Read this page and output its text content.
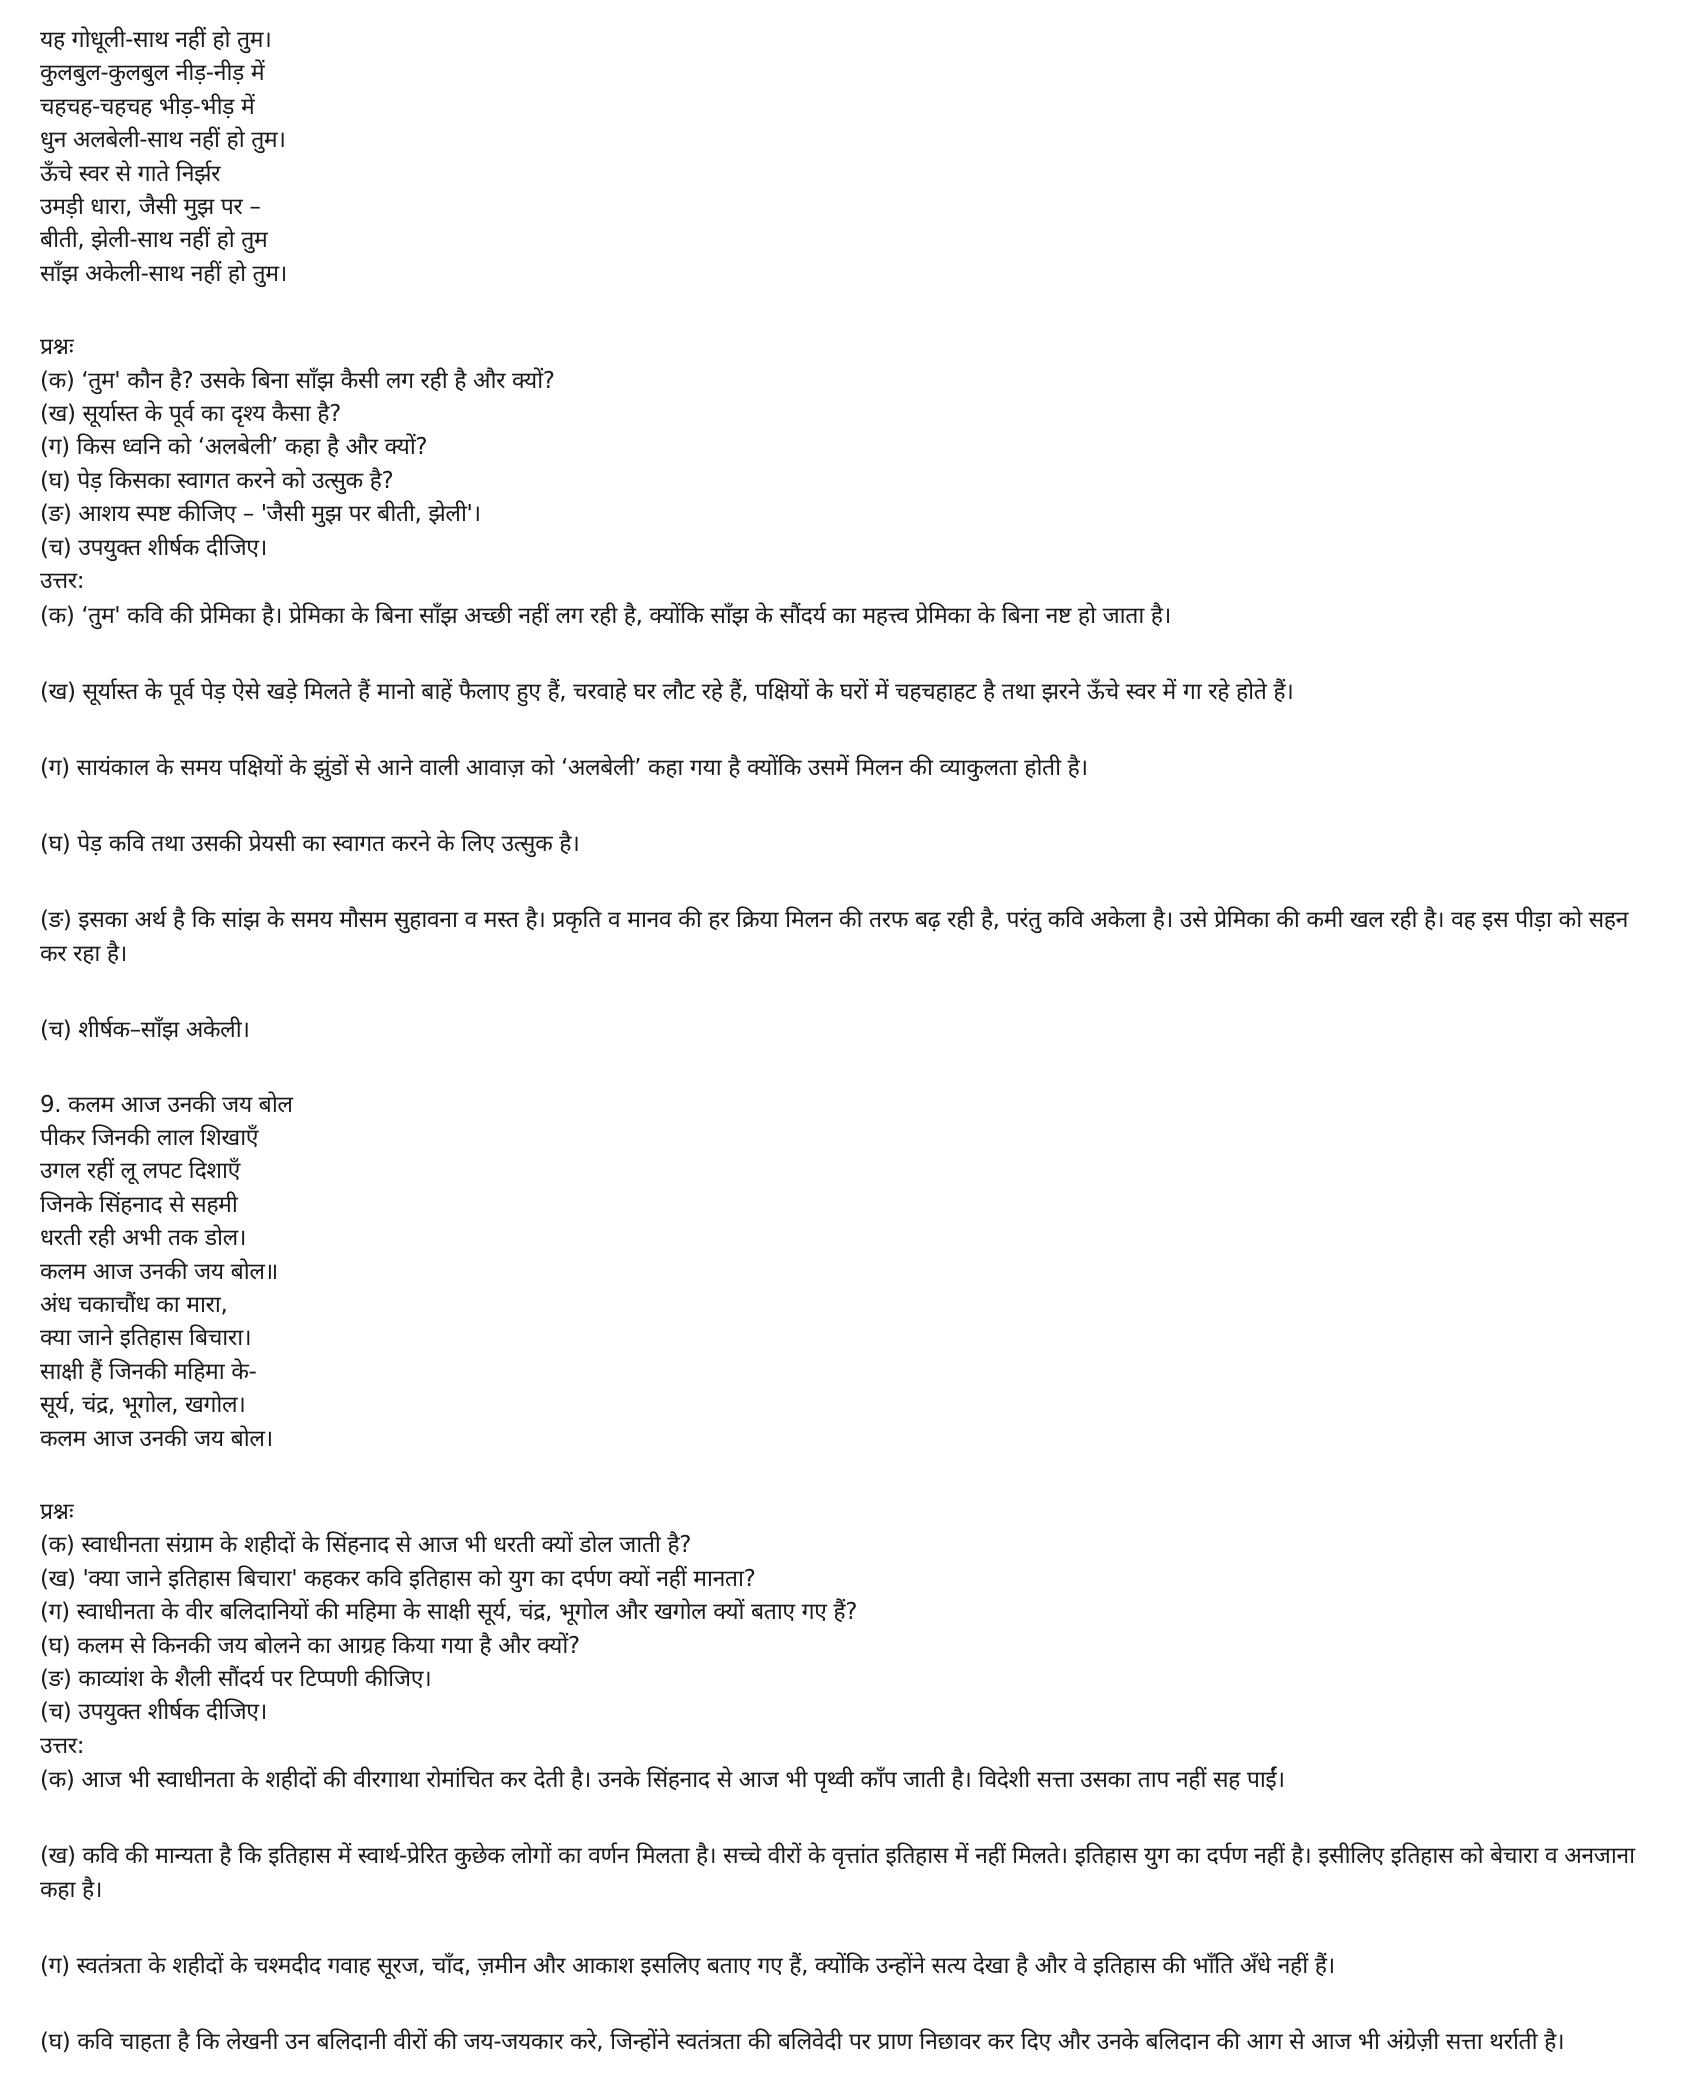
यह गोधूली-साथ नहीं हो तुम।
कुलबुल-कुलबुल नीड़-नीड़ में
चहचह-चहचह भीड़-भीड़ में
धुन अलबेली-साथ नहीं हो तुम।
ऊँचे स्वर से गाते निर्झर
उमड़ी धारा, जैसी मुझ पर –
बीती, झेली-साथ नहीं हो तुम
साँझ अकेली-साथ नहीं हो तुम।
प्रश्नः
(क) ‘तुम' कौन है? उसके बिना साँझ कैसी लग रही है और क्यों?
(ख) सूर्यास्त के पूर्व का दृश्य कैसा है?
(ग) किस ध्वनि को ‘अलबेली’ कहा है और क्यों?
(घ) पेड़ किसका स्वागत करने को उत्सुक है?
(ङ) आशय स्पष्ट कीजिए – 'जैसी मुझ पर बीती, झेली'।
(च) उपयुक्त शीर्षक दीजिए।
उत्तर:

(क) ‘तुम' कवि की प्रेमिका है। प्रेमिका के बिना साँझ अच्छी नहीं लग रही है, क्योंकि साँझ के सौंदर्य का महत्त्व प्रेमिका के बिना नष्ट हो जाता है।

(ख) सूर्यास्त के पूर्व पेड़ ऐसे खड़े मिलते हैं मानो बाहें फैलाए हुए हैं, चरवाहे घर लौट रहे हैं, पक्षियों के घरों में चहचहाहट है तथा झरने ऊँचे स्वर में गा रहे होते हैं।

(ग) सायंकाल के समय पक्षियों के झुंडों से आने वाली आवाज़ को ‘अलबेली’ कहा गया है क्योंकि उसमें मिलन की व्याकुलता होती है।

(घ) पेड़ कवि तथा उसकी प्रेयसी का स्वागत करने के लिए उत्सुक है।

(ङ) इसका अर्थ है कि सांझ के समय मौसम सुहावना व मस्त है। प्रकृति व मानव की हर क्रिया मिलन की तरफ बढ़ रही है, परंतु कवि अकेला है। उसे प्रेमिका की कमी खल रही है। वह इस पीड़ा को सहन कर रहा है।

(च) शीर्षक–साँझ अकेली।

9. कलम आज उनकी जय बोल
पीकर जिनकी लाल शिखाएँ
उगल रहीं लू लपट दिशाएँ
जिनके सिंहनाद से सहमी
धरती रही अभी तक डोल।
कलम आज उनकी जय बोल॥
अंध चकाचौंध का मारा,
क्या जाने इतिहास बिचारा।
साक्षी हैं जिनकी महिमा के-
सूर्य, चंद्र, भूगोल, खगोल।
कलम आज उनकी जय बोल।
प्रश्नः
(क) स्वाधीनता संग्राम के शहीदों के सिंहनाद से आज भी धरती क्यों डोल जाती है?
(ख) 'क्या जाने इतिहास बिचारा' कहकर कवि इतिहास को युग का दर्पण क्यों नहीं मानता?
(ग) स्वाधीनता के वीर बलिदानियों की महिमा के साक्षी सूर्य, चंद्र, भूगोल और खगोल क्यों बताए गए हैं?
(घ) कलम से किनकी जय बोलने का आग्रह किया गया है और क्यों?
(ङ) काव्यांश के शैली सौंदर्य पर टिप्पणी कीजिए।
(च) उपयुक्त शीर्षक दीजिए।
उत्तर:

(क) आज भी स्वाधीनता के शहीदों की वीरगाथा रोमांचित कर देती है। उनके सिंहनाद से आज भी पृथ्वी काँप जाती है। विदेशी सत्ता उसका ताप नहीं सह पाईं।

(ख) कवि की मान्यता है कि इतिहास में स्वार्थ-प्रेरित कुछेक लोगों का वर्णन मिलता है। सच्चे वीरों के वृत्तांत इतिहास में नहीं मिलते। इतिहास युग का दर्पण नहीं है। इसीलिए इतिहास को बेचारा व अनजाना कहा है।

(ग) स्वतंत्रता के शहीदों के चश्मदीद गवाह सूरज, चाँद, ज़मीन और आकाश इसलिए बताए गए हैं, क्योंकि उन्होंने सत्य देखा है और वे इतिहास की भाँति अँधे नहीं हैं।

(घ) कवि चाहता है कि लेखनी उन बलिदानी वीरों की जय-जयकार करे, जिन्होंने स्वतंत्रता की बलिवेदी पर प्राण निछावर कर दिए और उनके बलिदान की आग से आज भी अंग्रेज़ी सत्ता थर्राती है।
